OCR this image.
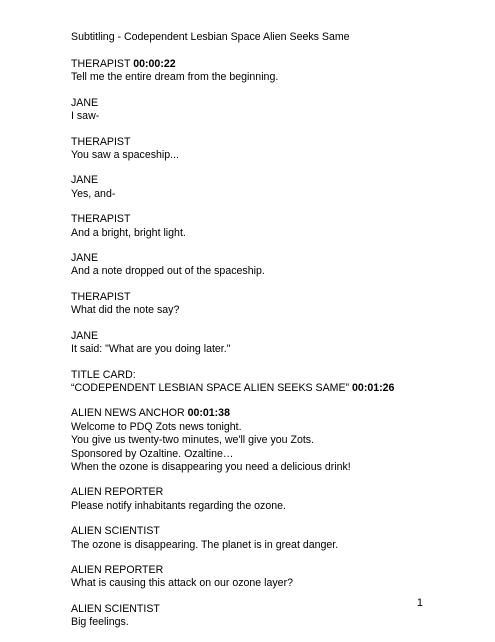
Subtitling - Codependent Lesbian Space Alien Seeks Same
THERAPIST 00:00:22
Tell me the entire dream from the beginning.
JANE
I saw-
THERAPIST
You saw a spaceship...
JANE
Yes, and-
THERAPIST
And a bright, bright light.
JANE
And a note dropped out of the spaceship.
THERAPIST
What did the note say?
JANE
It said: "What are you doing later."
TITLE CARD:
“CODEPENDENT LESBIAN SPACE ALIEN SEEKS SAME” 00:01:26
ALIEN NEWS ANCHOR 00:01:38
Welcome to PDQ Zots news tonight.
You give us twenty-two minutes, we'll give you Zots.
Sponsored by Ozaltine. Ozaltine…
When the ozone is disappearing you need a delicious drink!
ALIEN REPORTER
Please notify inhabitants regarding the ozone.
ALIEN SCIENTIST
The ozone is disappearing. The planet is in great danger.
ALIEN REPORTER
What is causing this attack on our ozone layer?
ALIEN SCIENTIST
Big feelings.
1
